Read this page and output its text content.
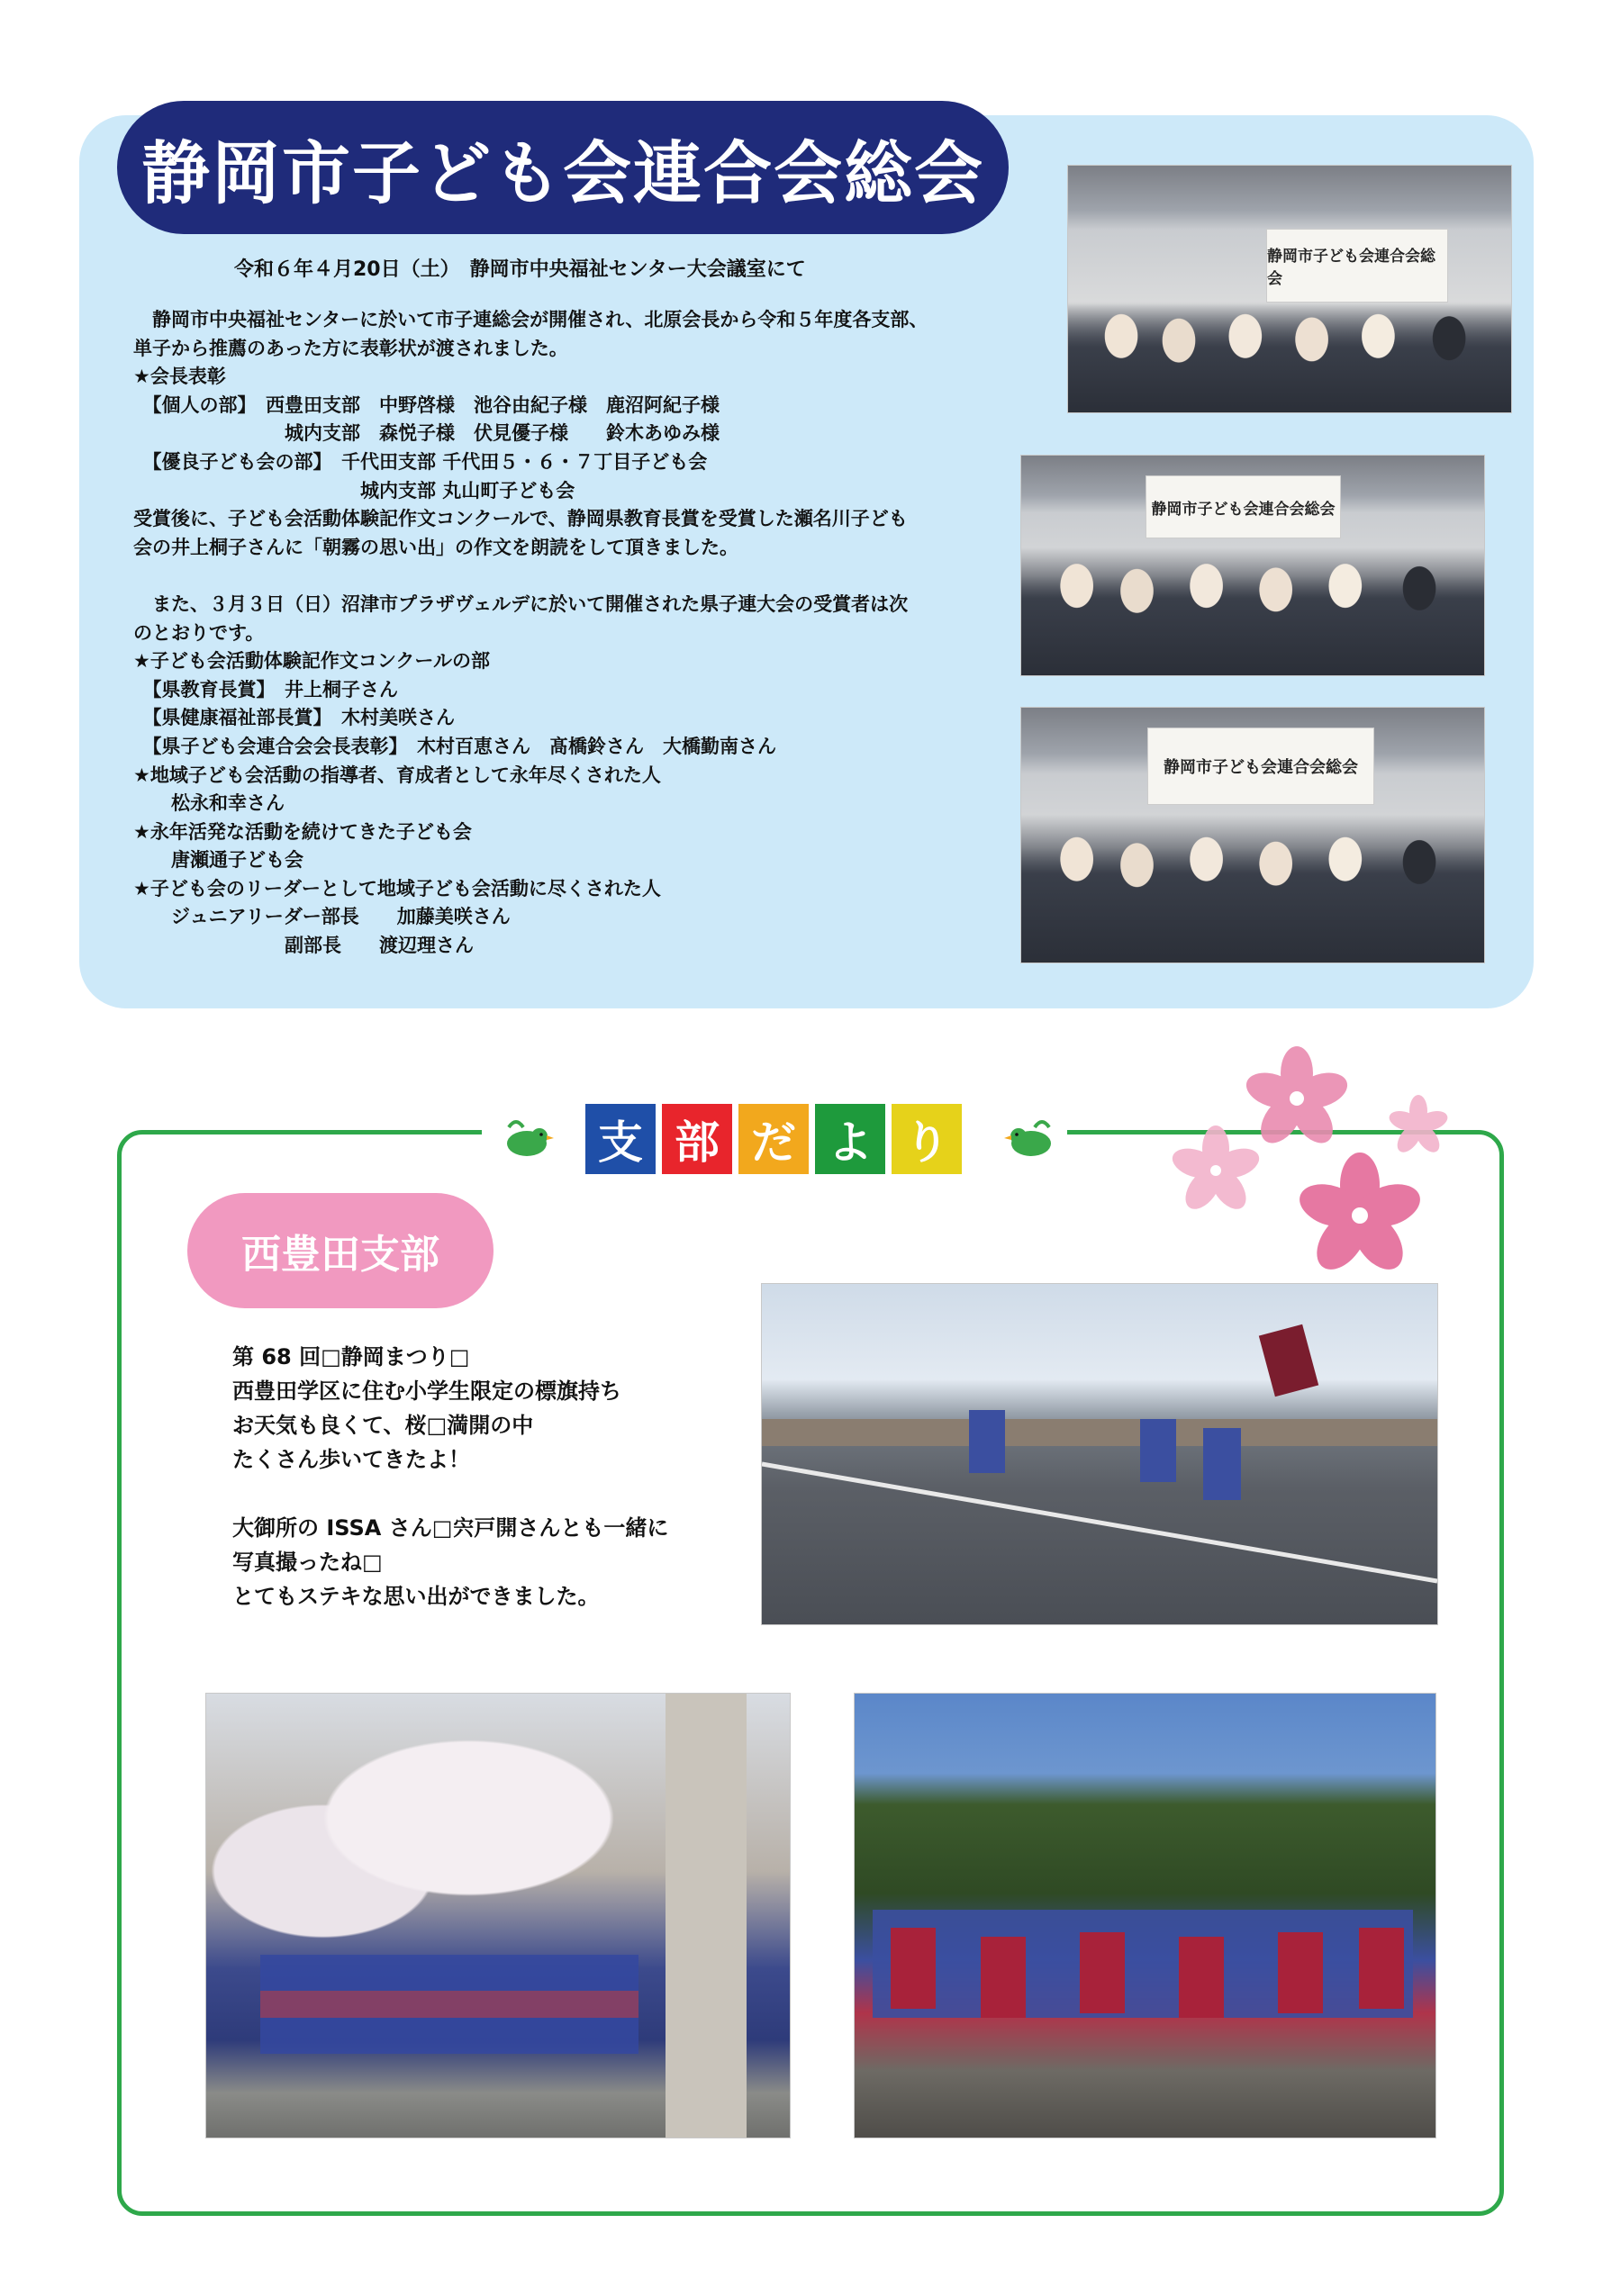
静岡市子ども会連合会総会
令和６年４月20日（土）　静岡市中央福祉センター大会議室にて

　静岡市中央福祉センターに於いて市子連総会が開催され、北原会長から令和５年度各支部、

単子から推薦のあった方に表彰状が渡されました。

★会長表彰

　【個人の部】　西豊田支部　中野啓様　池谷由紀子様　鹿沼阿紀子様

　　　　　　　　城内支部　森悦子様　伏見優子様　　鈴木あゆみ様

　【優良子ども会の部】　千代田支部 千代田５・６・７丁目子ども会

　　　　　　　　　　　　城内支部 丸山町子ども会

受賞後に、子ども会活動体験記作文コンクールで、静岡県教育長賞を受賞した瀬名川子ども

会の井上桐子さんに「朝霧の思い出」の作文を朗読をして頂きました。

　また、３月３日（日）沼津市プラザヴェルデに於いて開催された県子連大会の受賞者は次

のとおりです。

★子ども会活動体験記作文コンクールの部

　【県教育長賞】　井上桐子さん

　【県健康福祉部長賞】　木村美咲さん

　【県子ども会連合会会長表彰】　木村百恵さん　髙橋鈴さん　大橋勤南さん

★地域子ども会活動の指導者、育成者として永年尽くされた人

　　松永和幸さん

★永年活発な活動を続けてきた子ども会

　　唐瀬通子ども会

★子ども会のリーダーとして地域子ども会活動に尽くされた人

　　ジュニアリーダー部長　　加藤美咲さん

　　　　　　　　副部長　　渡辺理さん

静岡市子ども会連合会総会
静岡市子ども会連合会総会
静岡市子ども会連合会総会
支 部 だ よ り
西豊田支部

第 68 回□静岡まつり□

西豊田学区に住む小学生限定の標旗持ち

お天気も良くて、桜□満開の中

たくさん歩いてきたよ！

大御所の ISSA さん□宍戸開さんとも一緒に

写真撮ったね□

とてもステキな思い出ができました。
